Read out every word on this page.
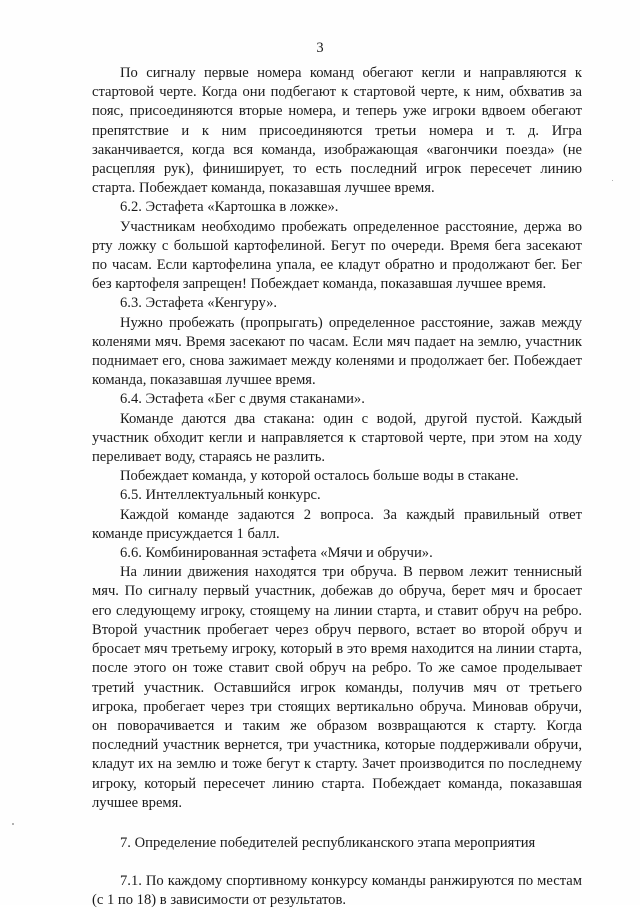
3

По сигналу первые номера команд обегают кегли и направляются к стартовой черте. Когда они подбегают к стартовой черте, к ним, обхватив за пояс, присоединяются вторые номера, и теперь уже игроки вдвоем обегают препятствие и к ним присоединяются третьи номера и т. д. Игра заканчивается, когда вся команда, изображающая «вагончики поезда» (не расцепляя рук), финиширует, то есть последний игрок пересечет линию старта. Побеждает команда, показавшая лучшее время.

6.2. Эстафета «Картошка в ложке».

Участникам необходимо пробежать определенное расстояние, держа во рту ложку с большой картофелиной. Бегут по очереди. Время бега засекают по часам. Если картофелина упала, ее кладут обратно и продолжают бег. Бег без картофеля запрещен! Побеждает команда, показавшая лучшее время.

6.3. Эстафета «Кенгуру».

Нужно пробежать (пропрыгать) определенное расстояние, зажав между коленями мяч. Время засекают по часам. Если мяч падает на землю, участник поднимает его, снова зажимает между коленями и продолжает бег. Побеждает команда, показавшая лучшее время.

6.4. Эстафета «Бег с двумя стаканами».

Команде даются два стакана: один с водой, другой пустой. Каждый участник обходит кегли и направляется к стартовой черте, при этом на ходу переливает воду, стараясь не разлить.

Побеждает команда, у которой осталось больше воды в стакане.

6.5. Интеллектуальный конкурс.

Каждой команде задаются 2 вопроса. За каждый правильный ответ команде присуждается 1 балл.

6.6. Комбинированная эстафета «Мячи и обручи».

На линии движения находятся три обруча. В первом лежит теннисный мяч. По сигналу первый участник, добежав до обруча, берет мяч и бросает его следующему игроку, стоящему на линии старта, и ставит обруч на ребро. Второй участник пробегает через обруч первого, встает во второй обруч и бросает мяч третьему игроку, который в это время находится на линии старта, после этого он тоже ставит свой обруч на ребро. То же самое проделывает третий участник. Оставшийся игрок команды, получив мяч от третьего игрока, пробегает через три стоящих вертикально обруча. Миновав обручи, он поворачивается и таким же образом возвращаются к старту. Когда последний участник вернется, три участника, которые поддерживали обручи, кладут их на землю и тоже бегут к старту. Зачет производится по последнему игроку, который пересечет линию старта. Побеждает команда, показавшая лучшее время.

7. Определение победителей республиканского этапа мероприятия

7.1. По каждому спортивному конкурсу команды ранжируются по местам (с 1 по 18) в зависимости от результатов.
